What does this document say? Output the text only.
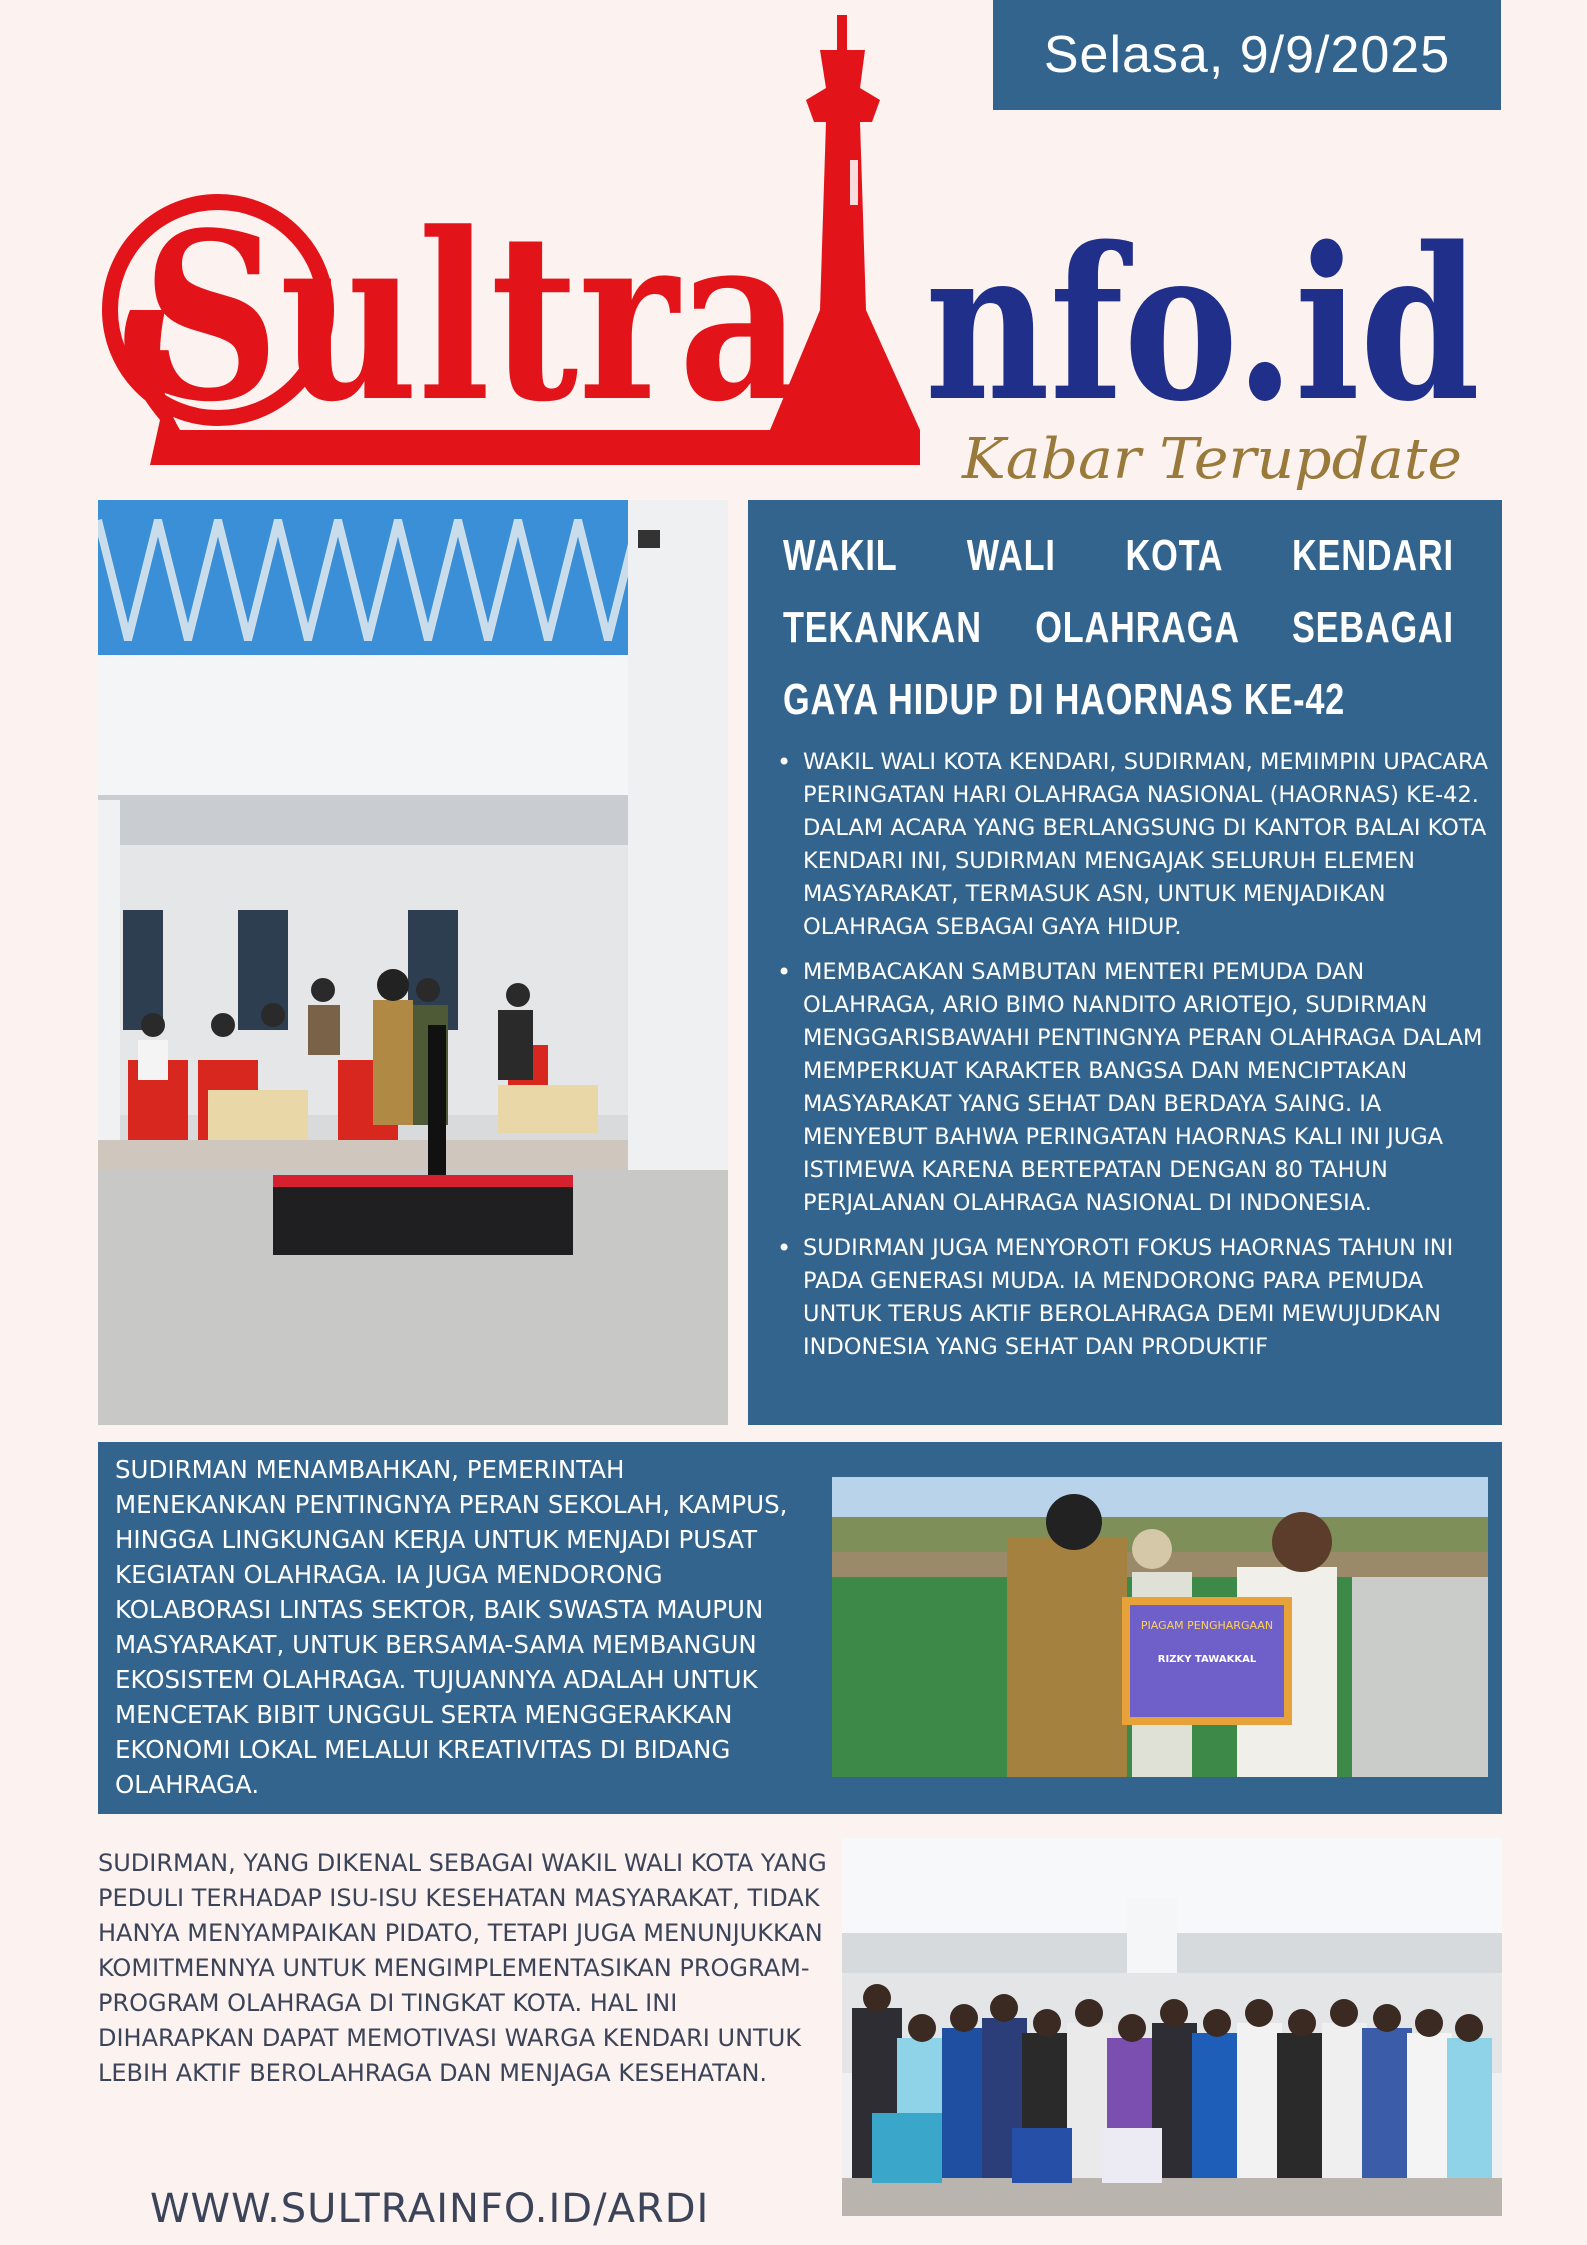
Selasa, 9/9/2025
Sultra nfo.id
Kabar Terupdate
WAKIL WALI KOTA KENDARI TEKANKAN OLAHRAGA SEBAGAI GAYA HIDUP DI HAORNAS KE-42
• WAKIL WALI KOTA KENDARI, SUDIRMAN, MEMIMPIN UPACARA PERINGATAN HARI OLAHRAGA NASIONAL (HAORNAS) KE-42. DALAM ACARA YANG BERLANGSUNG DI KANTOR BALAI KOTA KENDARI INI, SUDIRMAN MENGAJAK SELURUH ELEMEN MASYARAKAT, TERMASUK ASN, UNTUK MENJADIKAN OLAHRAGA SEBAGAI GAYA HIDUP.
• MEMBACAKAN SAMBUTAN MENTERI PEMUDA DAN OLAHRAGA, ARIO BIMO NANDITO ARIOTEJO, SUDIRMAN MENGGARISBAWAHI PENTINGNYA PERAN OLAHRAGA DALAM MEMPERKUAT KARAKTER BANGSA DAN MENCIPTAKAN MASYARAKAT YANG SEHAT DAN BERDAYA SAING. IA MENYEBUT BAHWA PERINGATAN HAORNAS KALI INI JUGA ISTIMEWA KARENA BERTEPATAN DENGAN 80 TAHUN PERJALANAN OLAHRAGA NASIONAL DI INDONESIA.
• SUDIRMAN JUGA MENYOROTI FOKUS HAORNAS TAHUN INI PADA GENERASI MUDA. IA MENDORONG PARA PEMUDA UNTUK TERUS AKTIF BEROLAHRAGA DEMI MEWUJUDKAN INDONESIA YANG SEHAT DAN PRODUKTIF

SUDIRMAN MENAMBAHKAN, PEMERINTAH MENEKANKAN PENTINGNYA PERAN SEKOLAH, KAMPUS, HINGGA LINGKUNGAN KERJA UNTUK MENJADI PUSAT KEGIATAN OLAHRAGA. IA JUGA MENDORONG KOLABORASI LINTAS SEKTOR, BAIK SWASTA MAUPUN MASYARAKAT, UNTUK BERSAMA-SAMA MEMBANGUN EKOSISTEM OLAHRAGA. TUJUANNYA ADALAH UNTUK MENCETAK BIBIT UNGGUL SERTA MENGGERAKKAN EKONOMI LOKAL MELALUI KREATIVITAS DI BIDANG OLAHRAGA.

PIAGAM PENGHARGAAN
RIZKY TAWAKKAL

SUDIRMAN, YANG DIKENAL SEBAGAI WAKIL WALI KOTA YANG PEDULI TERHADAP ISU-ISU KESEHATAN MASYARAKAT, TIDAK HANYA MENYAMPAIKAN PIDATO, TETAPI JUGA MENUNJUKKAN KOMITMENNYA UNTUK MENGIMPLEMENTASIKAN PROGRAM-PROGRAM OLAHRAGA DI TINGKAT KOTA. HAL INI DIHARAPKAN DAPAT MEMOTIVASI WARGA KENDARI UNTUK LEBIH AKTIF BEROLAHRAGA DAN MENJAGA KESEHATAN.

WWW.SULTRAINFO.ID/ARDI
